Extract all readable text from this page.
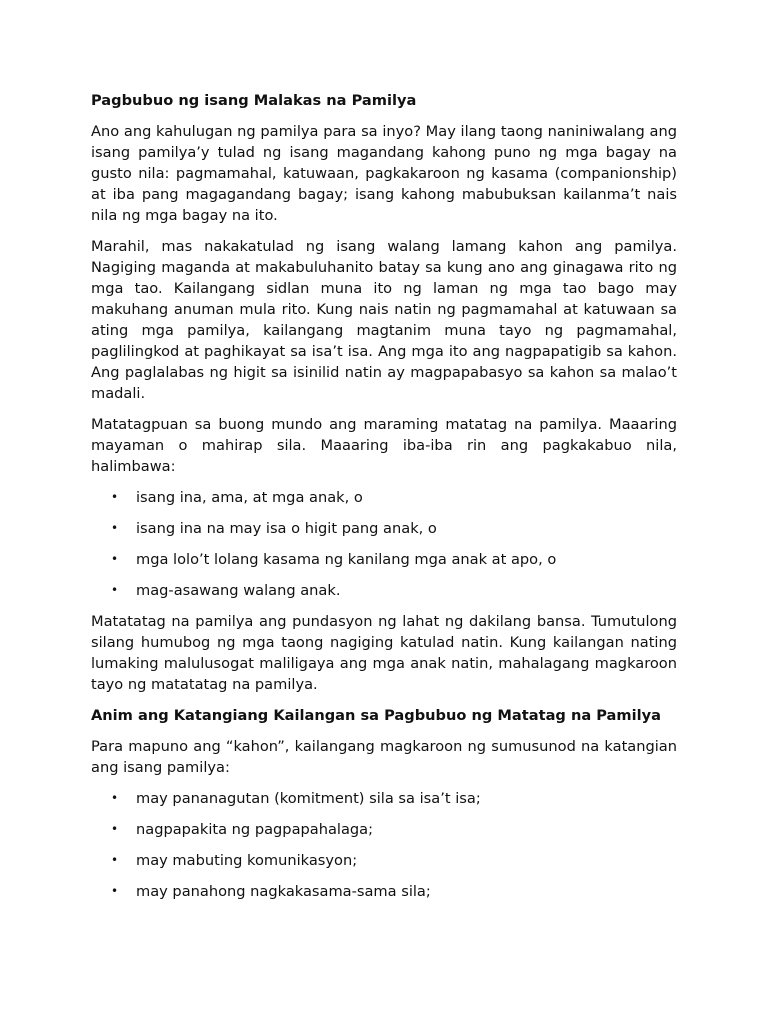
Pagbubuo ng isang Malakas na Pamilya

Ano ang kahulugan ng pamilya para sa inyo? May ilang taong naniniwalang ang isang pamilya’y tulad ng isang magandang kahong puno ng mga bagay na gusto nila: pagmamahal, katuwaan, pagkakaroon ng kasama (companionship) at iba pang magagandang bagay; isang kahong mabubuksan kailanma’t nais nila ng mga bagay na ito.

Marahil, mas nakakatulad ng isang walang lamang kahon ang pamilya. Nagiging maganda at makabuluhanito batay sa kung ano ang ginagawa rito ng mga tao. Kailangang sidlan muna ito ng laman ng mga tao bago may makuhang anuman mula rito. Kung nais natin ng pagmamahal at katuwaan sa ating mga pamilya, kailangang magtanim muna tayo ng pagmamahal, paglilingkod at paghikayat sa isa’t isa. Ang mga ito ang nagpapatigib sa kahon. Ang paglalabas ng higit sa isinilid natin ay magpapabasyo sa kahon sa malao’t madali.

Matatagpuan sa buong mundo ang maraming matatag na pamilya. Maaaring mayaman o mahirap sila. Maaaring iba-iba rin ang pagkakabuo nila, halimbawa:

• isang ina, ama, at mga anak, o
• isang ina na may isa o higit pang anak, o
• mga lolo’t lolang kasama ng kanilang mga anak at apo, o
• mag-asawang walang anak.

Matatatag na pamilya ang pundasyon ng lahat ng dakilang bansa. Tumutulong silang humubog ng mga taong nagiging katulad natin. Kung kailangan nating lumaking malulusogat maliligaya ang mga anak natin, mahalagang magkaroon tayo ng matatatag na pamilya.

Anim ang Katangiang Kailangan sa Pagbubuo ng Matatag na Pamilya

Para mapuno ang “kahon”, kailangang magkaroon ng sumusunod na katangian ang isang pamilya:

• may pananagutan (komitment) sila sa isa’t isa;
• nagpapakita ng pagpapahalaga;
• may mabuting komunikasyon;
• may panahong nagkakasama-sama sila;
